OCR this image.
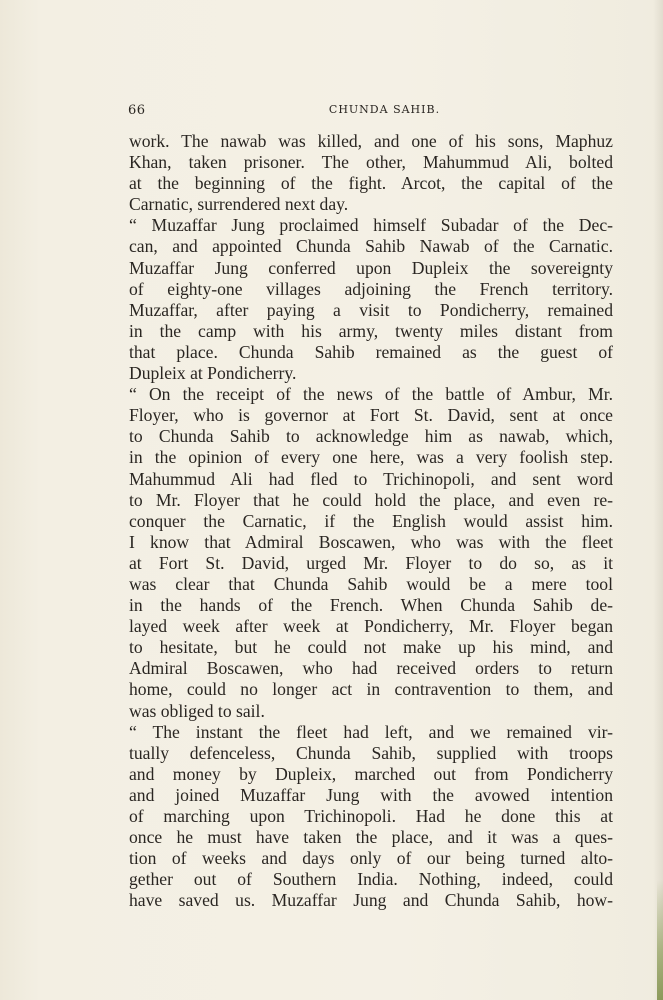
66	CHUNDA SAHIB.
work. The nawab was killed, and one of his sons, Maphuz
Khan, taken prisoner. The other, Mahummud Ali, bolted
at the beginning of the fight. Arcot, the capital of the
Carnatic, surrendered next day.
“ Muzaffar Jung proclaimed himself Subadar of the Dec-
can, and appointed Chunda Sahib Nawab of the Carnatic.
Muzaffar Jung conferred upon Dupleix the sovereignty
of eighty-one villages adjoining the French territory.
Muzaffar, after paying a visit to Pondicherry, remained
in the camp with his army, twenty miles distant from
that place. Chunda Sahib remained as the guest of
Dupleix at Pondicherry.
“ On the receipt of the news of the battle of Ambur, Mr.
Floyer, who is governor at Fort St. David, sent at once
to Chunda Sahib to acknowledge him as nawab, which,
in the opinion of every one here, was a very foolish step.
Mahummud Ali had fled to Trichinopoli, and sent word
to Mr. Floyer that he could hold the place, and even re-
conquer the Carnatic, if the English would assist him.
I know that Admiral Boscawen, who was with the fleet
at Fort St. David, urged Mr. Floyer to do so, as it
was clear that Chunda Sahib would be a mere tool
in the hands of the French. When Chunda Sahib de-
layed week after week at Pondicherry, Mr. Floyer began
to hesitate, but he could not make up his mind, and
Admiral Boscawen, who had received orders to return
home, could no longer act in contravention to them, and
was obliged to sail.
“ The instant the fleet had left, and we remained vir-
tually defenceless, Chunda Sahib, supplied with troops
and money by Dupleix, marched out from Pondicherry
and joined Muzaffar Jung with the avowed intention
of marching upon Trichinopoli. Had he done this at
once he must have taken the place, and it was a ques-
tion of weeks and days only of our being turned alto-
gether out of Southern India. Nothing, indeed, could
have saved us. Muzaffar Jung and Chunda Sahib, how-
